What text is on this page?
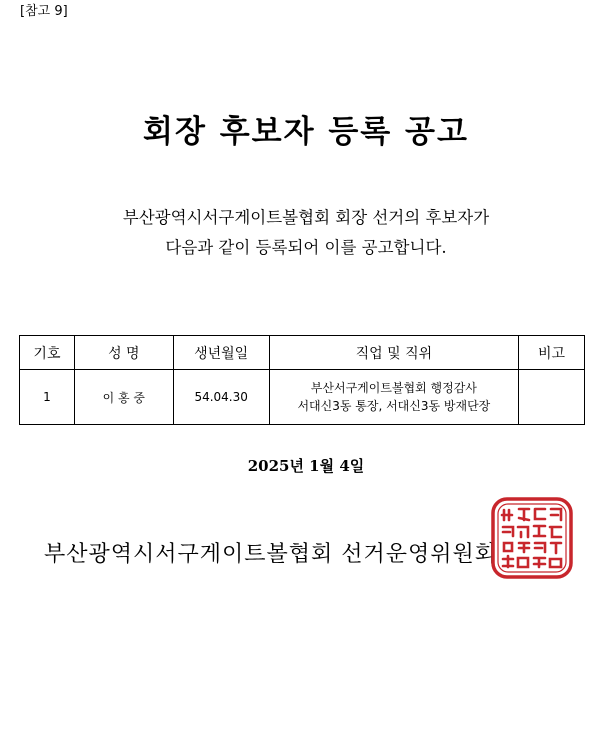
[참고 9]
회장 후보자 등록 공고
부산광역시서구게이트볼협회 회장 선거의 후보자가
다음과 같이 등록되어 이를 공고합니다.
기호	성 명	생년월일	직업 및 직위	비고
1	이 홍 중	54.04.30	부산서구게이트볼협회 행정감사
서대신3동 통장, 서대신3동 방재단장	

2025년 1월 4일
부산광역시서구게이트볼협회 선거운영위원회
